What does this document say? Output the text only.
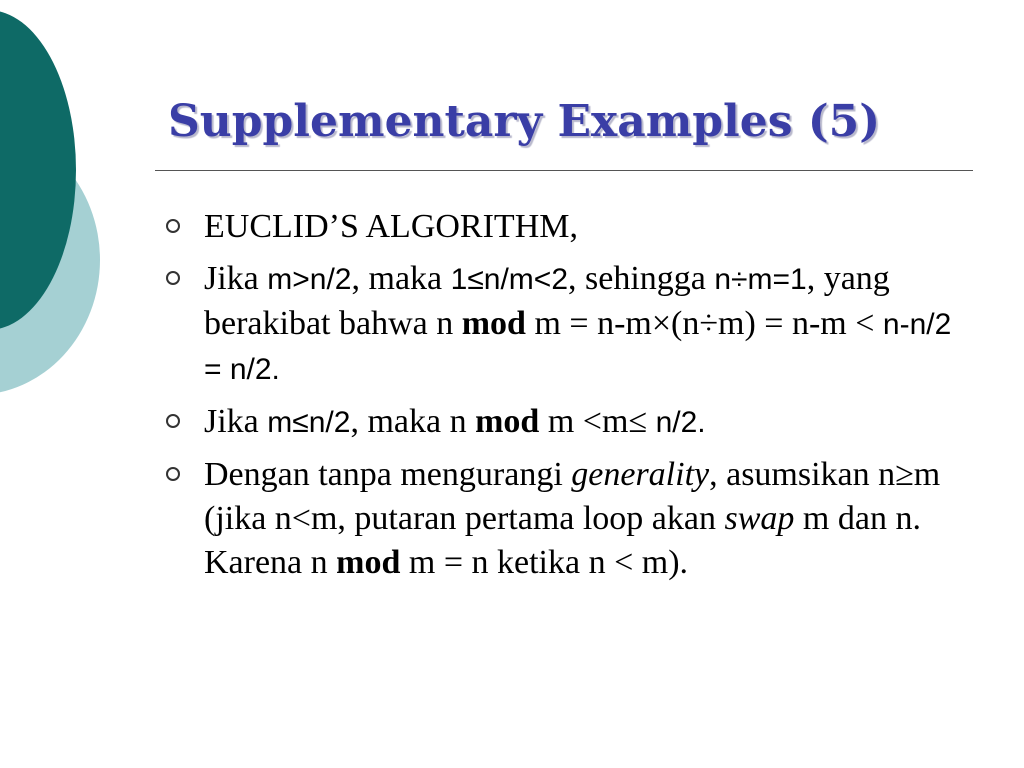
Supplementary Examples (5)
EUCLID’S ALGORITHM,
Jika m>n/2, maka 1≤n/m<2, sehingga n÷m=1, yang berakibat bahwa n mod m = n-m×(n÷m) = n-m < n-n/2 = n/2.
Jika m≤n/2, maka n mod m <m≤ n/2.
Dengan tanpa mengurangi generality, asumsikan n≥m (jika n<m, putaran pertama loop akan swap m dan n. Karena n mod m = n ketika n < m).
